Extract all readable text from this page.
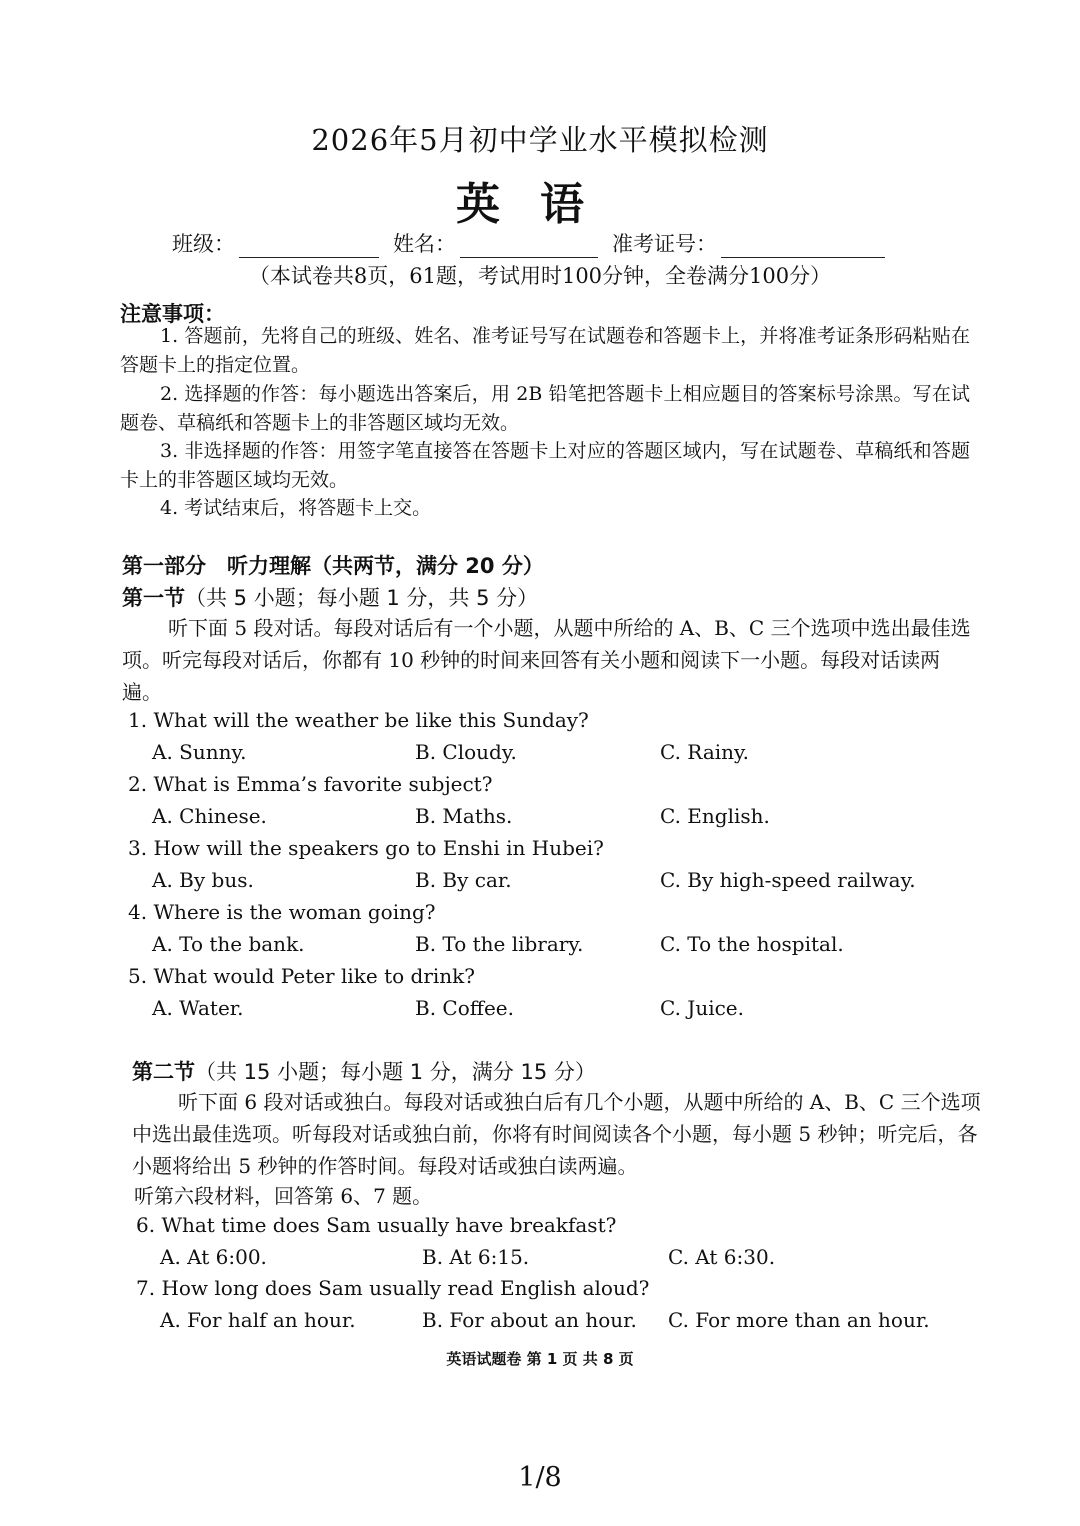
2026年5月初中学业水平模拟检测
英语
班级：	姓名：	准考证号：
（本试卷共8页，61题，考试用时100分钟，全卷满分100分）
注意事项：
1. 答题前，先将自己的班级、姓名、准考证号写在试题卷和答题卡上，并将准考证条形码粘贴在答题卡上的指定位置。
2. 选择题的作答：每小题选出答案后，用 2B 铅笔把答题卡上相应题目的答案标号涂黑。写在试题卷、草稿纸和答题卡上的非答题区域均无效。
3. 非选择题的作答：用签字笔直接答在答题卡上对应的答题区域内，写在试题卷、草稿纸和答题卡上的非答题区域均无效。
4. 考试结束后，将答题卡上交。
第一部分　听力理解（共两节，满分 20 分）
第一节（共 5 小题；每小题 1 分，共 5 分）
听下面 5 段对话。每段对话后有一个小题，从题中所给的 A、B、C 三个选项中选出最佳选项。听完每段对话后，你都有 10 秒钟的时间来回答有关小题和阅读下一小题。每段对话读两遍。
1. What will the weather be like this Sunday?
A. Sunny.	B. Cloudy.	C. Rainy.
2. What is Emma’s favorite subject?
A. Chinese.	B. Maths.	C. English.
3. How will the speakers go to Enshi in Hubei?
A. By bus.	B. By car.	C. By high-speed railway.
4. Where is the woman going?
A. To the bank.	B. To the library.	C. To the hospital.
5. What would Peter like to drink?
A. Water.	B. Coffee.	C. Juice.
第二节（共 15 小题；每小题 1 分，满分 15 分）
听下面 6 段对话或独白。每段对话或独白后有几个小题，从题中所给的 A、B、C 三个选项中选出最佳选项。听每段对话或独白前，你将有时间阅读各个小题，每小题 5 秒钟；听完后，各小题将给出 5 秒钟的作答时间。每段对话或独白读两遍。
听第六段材料，回答第 6、7 题。
6. What time does Sam usually have breakfast?
A. At 6:00.	B. At 6:15.	C. At 6:30.
7. How long does Sam usually read English aloud?
A. For half an hour.	B. For about an hour. C. For more than an hour.
英语试题卷 第 1 页 共 8 页
1/8
